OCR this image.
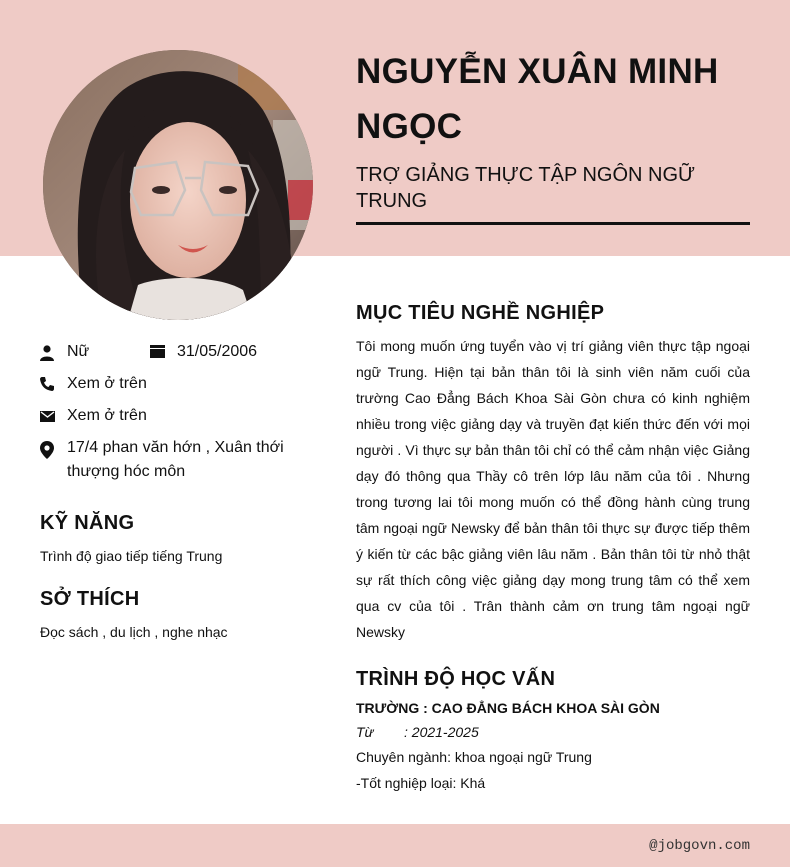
NGUYỄN XUÂN MINH NGỌC

TRỢ GIẢNG THỰC TẬP NGÔN NGỮ TRUNG

Nữ	31/05/2006
Xem ở trên
Xem ở trên
17/4 phan văn hớn , Xuân thới thượng hóc môn
KỸ NĂNG

Trình độ giao tiếp tiếng Trung

SỞ THÍCH

Đọc sách , du lịch , nghe nhạc

MỤC TIÊU NGHỀ NGHIỆP

Tôi mong muốn ứng tuyển vào vị trí giảng viên thực tập ngoại ngữ Trung. Hiện tại bản thân tôi là sinh viên năm cuối của trường Cao Đẳng Bách Khoa Sài Gòn chưa có kinh nghiệm nhiều trong việc giảng dạy và truyền đạt kiến thức đến với mọi người . Vì thực sự bản thân tôi chỉ có thể cảm nhận việc Giảng dạy đó thông qua Thầy cô trên lớp lâu năm của tôi . Nhưng trong tương lai tôi mong muốn có thể đồng hành cùng trung tâm ngoại ngữ Newsky để bản thân tôi thực sự được tiếp thêm ý kiến từ các bậc giảng viên lâu năm . Bản thân tôi từ nhỏ thật sự rất thích công việc giảng dạy mong trung tâm có thể xem qua cv của tôi . Trân thành cảm ơn trung tâm ngoại ngữ Newsky

TRÌNH ĐỘ HỌC VẤN

TRƯỜNG : CAO ĐẲNG BÁCH KHOA SÀI GÒN

Từ : 2021-2025

Chuyên ngành: khoa ngoại ngữ Trung

-Tốt nghiệp loại: Khá

@jobgovn.com
